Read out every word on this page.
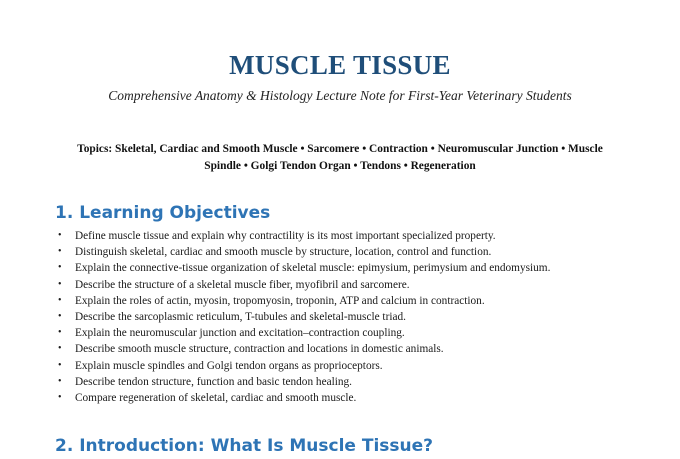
MUSCLE TISSUE
Comprehensive Anatomy & Histology Lecture Note for First-Year Veterinary Students
Topics: Skeletal, Cardiac and Smooth Muscle • Sarcomere • Contraction • Neuromuscular Junction • Muscle
Spindle • Golgi Tendon Organ • Tendons • Regeneration
1. Learning Objectives
• Define muscle tissue and explain why contractility is its most important specialized property.
• Distinguish skeletal, cardiac and smooth muscle by structure, location, control and function.
• Explain the connective-tissue organization of skeletal muscle: epimysium, perimysium and endomysium.
• Describe the structure of a skeletal muscle fiber, myofibril and sarcomere.
• Explain the roles of actin, myosin, tropomyosin, troponin, ATP and calcium in contraction.
• Describe the sarcoplasmic reticulum, T-tubules and skeletal-muscle triad.
• Explain the neuromuscular junction and excitation–contraction coupling.
• Describe smooth muscle structure, contraction and locations in domestic animals.
• Explain muscle spindles and Golgi tendon organs as proprioceptors.
• Describe tendon structure, function and basic tendon healing.
• Compare regeneration of skeletal, cardiac and smooth muscle.
2. Introduction: What Is Muscle Tissue?
